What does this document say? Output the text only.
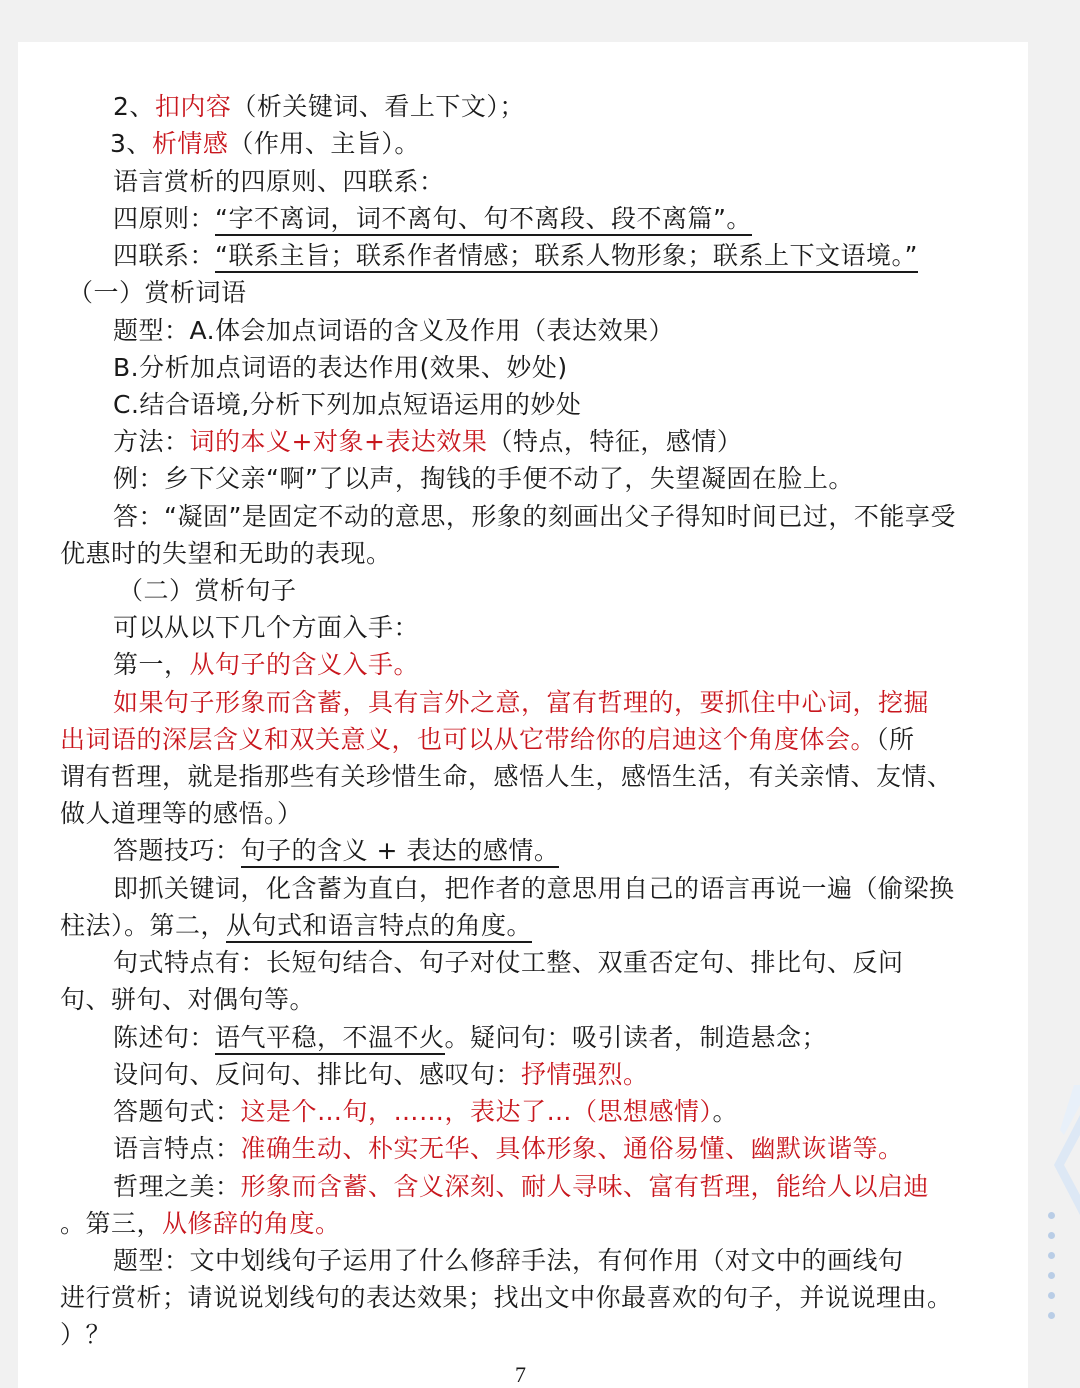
2、扣内容（析关键词、看上下文）；
3、析情感（作用、主旨）。
语言赏析的四原则、四联系：
四原则：“字不离词，词不离句、句不离段、段不离篇”。
四联系：“联系主旨；联系作者情感；联系人物形象；联系上下文语境。”
（一）赏析词语
题型：A.体会加点词语的含义及作用（表达效果）
B.分析加点词语的表达作用(效果、妙处)
C.结合语境,分析下列加点短语运用的妙处
方法：词的本义+对象+表达效果（特点，特征，感情）
例：乡下父亲“啊”了以声，掏钱的手便不动了，失望凝固在脸上。
答：“凝固”是固定不动的意思，形象的刻画出父子得知时间已过，不能享受
优惠时的失望和无助的表现。
（二）赏析句子
可以从以下几个方面入手：
第一，从句子的含义入手。
如果句子形象而含蓄，具有言外之意，富有哲理的，要抓住中心词，挖掘
出词语的深层含义和双关意义，也可以从它带给你的启迪这个角度体会。（所
谓有哲理，就是指那些有关珍惜生命，感悟人生，感悟生活，有关亲情、友情、
做人道理等的感悟。）
答题技巧：句子的含义 + 表达的感情。
即抓关键词，化含蓄为直白，把作者的意思用自己的语言再说一遍（偷梁换
柱法）。第二，从句式和语言特点的角度。
句式特点有：长短句结合、句子对仗工整、双重否定句、排比句、反问
句、骈句、对偶句等。
陈述句：语气平稳，不温不火。疑问句：吸引读者，制造悬念；
设问句、反问句、排比句、感叹句：抒情强烈。
答题句式：这是个…句，……，表达了…（思想感情）。
语言特点：准确生动、朴实无华、具体形象、通俗易懂、幽默诙谐等。
哲理之美：形象而含蓄、含义深刻、耐人寻味、富有哲理，能给人以启迪
。第三，从修辞的角度。
题型：文中划线句子运用了什么修辞手法，有何作用（对文中的画线句
进行赏析；请说说划线句的表达效果；找出文中你最喜欢的句子，并说说理由。
）？
7
